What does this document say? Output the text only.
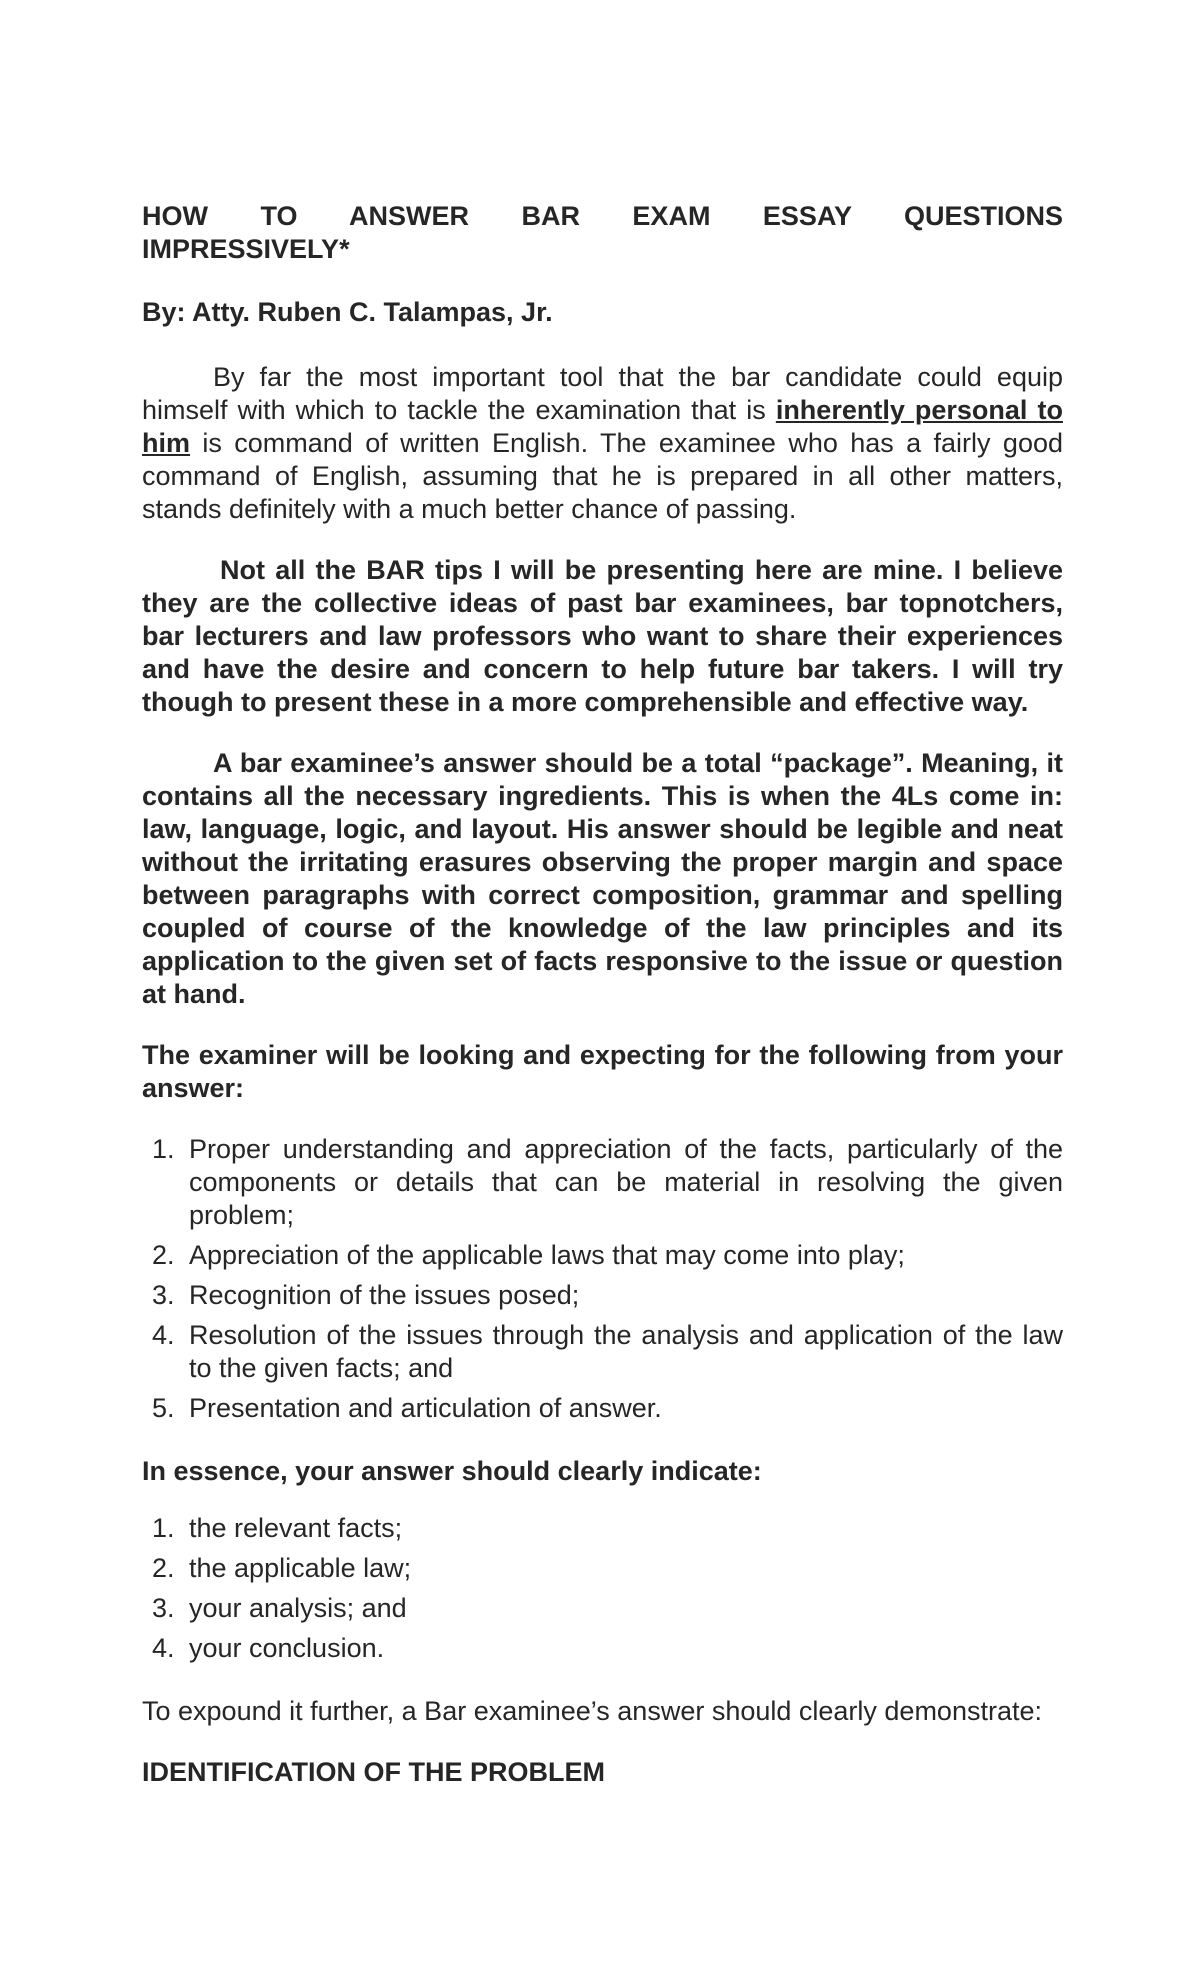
HOW TO ANSWER BAR EXAM ESSAY QUESTIONS

IMPRESSIVELY*

By: Atty. Ruben C. Talampas, Jr.

By far the most important tool that the bar candidate could equip himself with which to tackle the examination that is inherently personal to him is command of written English. The examinee who has a fairly good command of English, assuming that he is prepared in all other matters, stands definitely with a much better chance of passing.

Not all the BAR tips I will be presenting here are mine. I believe they are the collective ideas of past bar examinees, bar topnotchers, bar lecturers and law professors who want to share their experiences and have the desire and concern to help future bar takers. I will try though to present these in a more comprehensible and effective way.

A bar examinee’s answer should be a total “package”. Meaning, it contains all the necessary ingredients. This is when the 4Ls come in: law, language, logic, and layout. His answer should be legible and neat without the irritating erasures observing the proper margin and space between paragraphs with correct composition, grammar and spelling coupled of course of the knowledge of the law principles and its application to the given set of facts responsive to the issue or question at hand.

The examiner will be looking and expecting for the following from your answer:

1. Proper understanding and appreciation of the facts, particularly of the components or details that can be material in resolving the given problem;
2. Appreciation of the applicable laws that may come into play;
3. Recognition of the issues posed;
4. Resolution of the issues through the analysis and application of the law to the given facts; and
5. Presentation and articulation of answer.

In essence, your answer should clearly indicate:

1. the relevant facts;
2. the applicable law;
3. your analysis; and
4. your conclusion.

To expound it further, a Bar examinee’s answer should clearly demonstrate:

IDENTIFICATION OF THE PROBLEM
